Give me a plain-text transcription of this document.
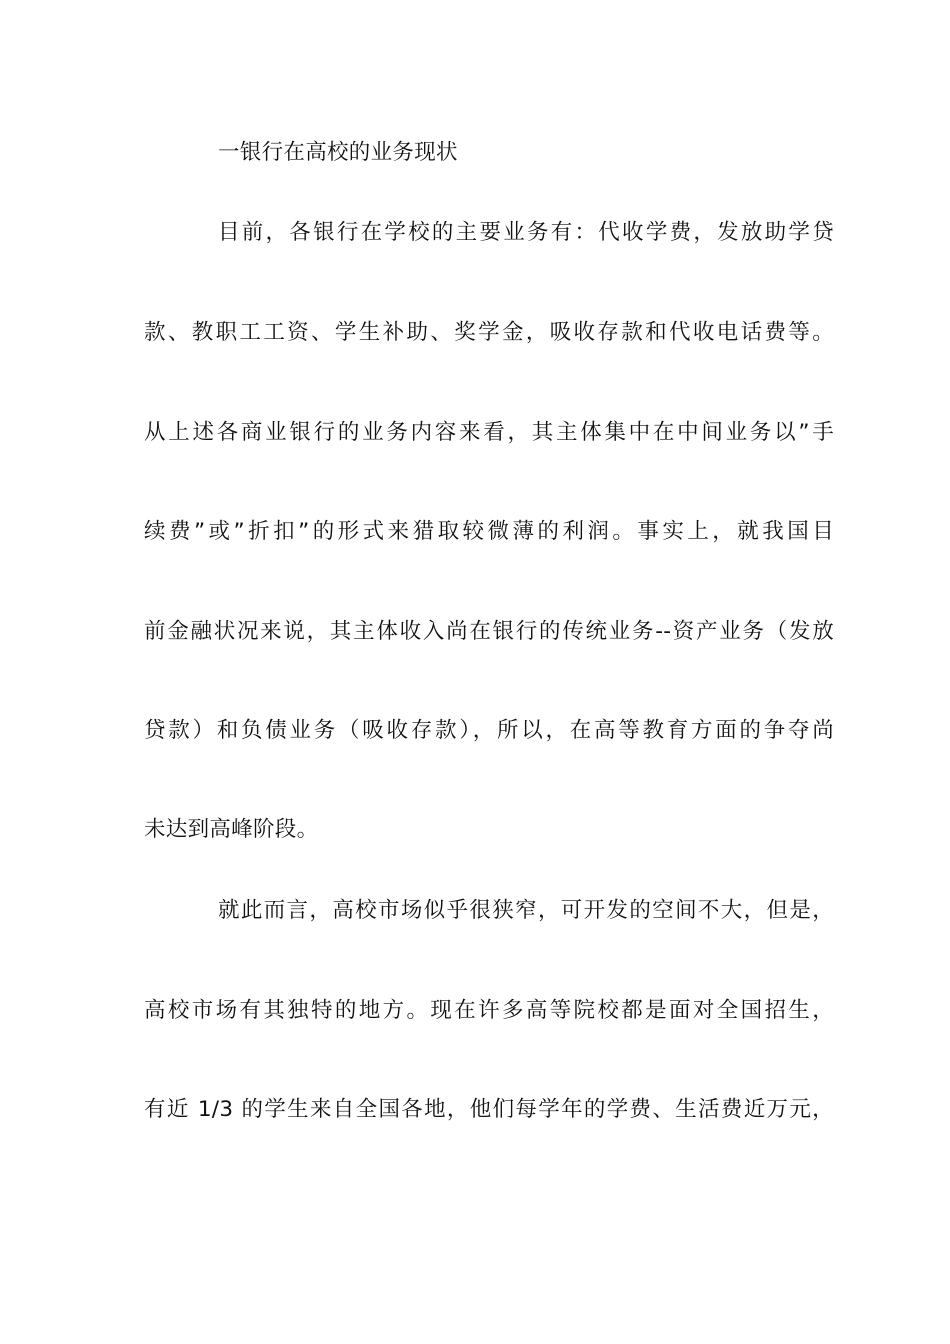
一银行在高校的业务现状
目前，各银行在学校的主要业务有：代收学费，发放助学贷
款、教职工工资、学生补助、奖学金，吸收存款和代收电话费等。
从上述各商业银行的业务内容来看，其主体集中在中间业务以”手
续费”或”折扣”的形式来猎取较微薄的利润。事实上，就我国目
前金融状况来说，其主体收入尚在银行的传统业务--资产业务（发放
贷款）和负债业务（吸收存款），所以，在高等教育方面的争夺尚
未达到高峰阶段。
就此而言，高校市场似乎很狭窄，可开发的空间不大，但是，
高校市场有其独特的地方。现在许多高等院校都是面对全国招生，
有近 1/3 的学生来自全国各地，他们每学年的学费、生活费近万元，
